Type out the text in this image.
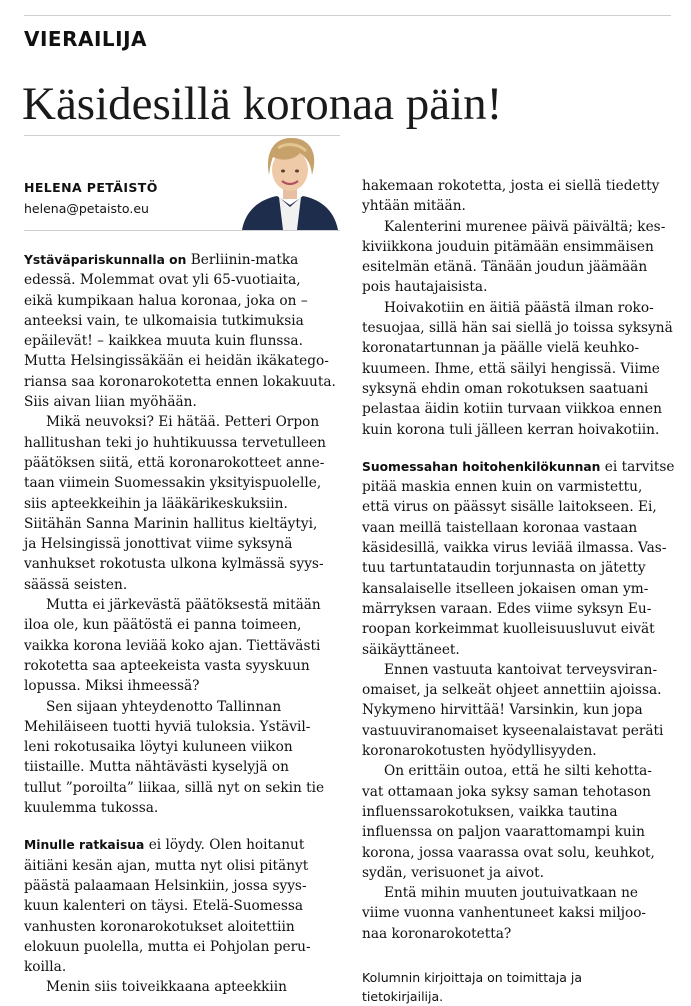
VIERAILIJA
Käsidesillä koronaa päin!
HELENA PETÄISTÖ
helena@petaisto.eu
Ystäväpariskunnalla on Berliinin-matka
edessä. Molemmat ovat yli 65-vuotiaita,
eikä kumpikaan halua koronaa, joka on –
anteeksi vain, te ulkomaisia tutkimuksia
epäilevät! – kaikkea muuta kuin flunssa.
Mutta Helsingissäkään ei heidän ikäkatego-
riansa saa koronarokotetta ennen lokakuuta.
Siis aivan liian myöhään.
Mikä neuvoksi? Ei hätää. Petteri Orpon
hallitushan teki jo huhtikuussa tervetulleen
päätöksen siitä, että koronarokotteet anne-
taan viimein Suomessakin yksityispuolelle,
siis apteekkeihin ja lääkärikeskuksiin.
Siitähän Sanna Marinin hallitus kieltäytyi,
ja Helsingissä jonottivat viime syksynä
vanhukset rokotusta ulkona kylmässä syys-
säässä seisten.
Mutta ei järkevästä päätöksestä mitään
iloa ole, kun päätöstä ei panna toimeen,
vaikka korona leviää koko ajan. Tiettävästi
rokotetta saa apteekeista vasta syyskuun
lopussa. Miksi ihmeessä?
Sen sijaan yhteydenotto Tallinnan
Mehiläiseen tuotti hyviä tuloksia. Ystävil-
leni rokotusaika löytyi kuluneen viikon
tiistaille. Mutta nähtävästi kyselyjä on
tullut ”poroilta” liikaa, sillä nyt on sekin tie
kuulemma tukossa.
Minulle ratkaisua ei löydy. Olen hoitanut
äitiäni kesän ajan, mutta nyt olisi pitänyt
päästä palaamaan Helsinkiin, jossa syys-
kuun kalenteri on täysi. Etelä-Suomessa
vanhusten koronarokotukset aloitettiin
elokuun puolella, mutta ei Pohjolan peru-
koilla.
Menin siis toiveikkaana apteekkiin
hakemaan rokotetta, josta ei siellä tiedetty
yhtään mitään.
Kalenterini murenee päivä päivältä; kes-
kiviikkona jouduin pitämään ensimmäisen
esitelmän etänä. Tänään joudun jäämään
pois hautajaisista.
Hoivakotiin en äitiä päästä ilman roko-
tesuojaa, sillä hän sai siellä jo toissa syksynä
koronatartunnan ja päälle vielä keuhko-
kuumeen. Ihme, että säilyi hengissä. Viime
syksynä ehdin oman rokotuksen saatuani
pelastaa äidin kotiin turvaan viikkoa ennen
kuin korona tuli jälleen kerran hoivakotiin.
Suomessahan hoitohenkilökunnan ei tarvitse
pitää maskia ennen kuin on varmistettu,
että virus on päässyt sisälle laitokseen. Ei,
vaan meillä taistellaan koronaa vastaan
käsidesillä, vaikka virus leviää ilmassa. Vas-
tuu tartuntataudin torjunnasta on jätetty
kansalaiselle itselleen jokaisen oman ym-
märryksen varaan. Edes viime syksyn Eu-
roopan korkeimmat kuolleisuusluvut eivät
säikäyttäneet.
Ennen vastuuta kantoivat terveysviran-
omaiset, ja selkeät ohjeet annettiin ajoissa.
Nykymeno hirvittää! Varsinkin, kun jopa
vastuuviranomaiset kyseenalaistavat peräti
koronarokotusten hyödyllisyyden.
On erittäin outoa, että he silti kehotta-
vat ottamaan joka syksy saman tehotason
influenssarokotuksen, vaikka tautina
influenssa on paljon vaarattomampi kuin
korona, jossa vaarassa ovat solu, keuhkot,
sydän, verisuonet ja aivot.
Entä mihin muuten joutuivatkaan ne
viime vuonna vanhentuneet kaksi miljoo-
naa koronarokotetta?
Kolumnin kirjoittaja on toimittaja ja
tietokirjailija.
